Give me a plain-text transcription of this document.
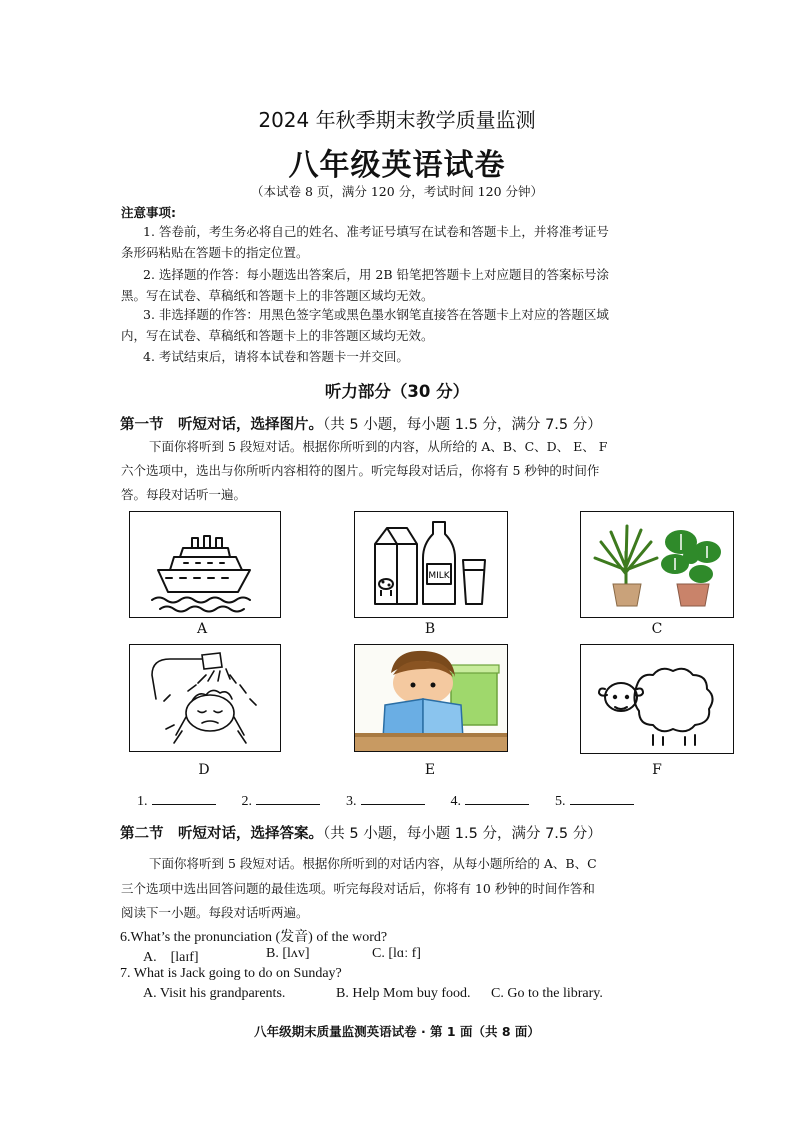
2024 年秋季期末教学质量监测
八年级英语试卷
（本试卷 8 页，满分 120 分，考试时间 120 分钟）
注意事项:
1. 答卷前，考生务必将自己的姓名、准考证号填写在试卷和答题卡上，并将准考证号
条形码粘贴在答题卡的指定位置。
2. 选择题的作答：每小题选出答案后，用 2B 铅笔把答题卡上对应题目的答案标号涂
黑。写在试卷、草稿纸和答题卡上的非答题区域均无效。
3. 非选择题的作答：用黑色签字笔或黑色墨水钢笔直接答在答题卡上对应的答题区域
内，写在试卷、草稿纸和答题卡上的非答题区域均无效。
4. 考试结束后，请将本试卷和答题卡一并交回。
听力部分（30 分）
第一节　听短对话，选择图片。（共 5 小题，每小题 1.5 分，满分 7.5 分）
下面你将听到 5 段短对话。根据你所听到的内容，从所给的 A、B、C、D、 E、 F
六个选项中，选出与你所听内容相符的图片。听完每段对话后，你将有 5 秒钟的时间作
答。每段对话听一遍。
A
MILK
B	C
D	E	F
1.	2.	3.	4.	5.
第二节　听短对话，选择答案。（共 5 小题，每小题 1.5 分，满分 7.5 分）
下面你将听到 5 段短对话。根据你所听到的对话内容，从每小题所给的 A、B、C
三个选项中选出回答问题的最佳选项。听完每段对话后，你将有 10 秒钟的时间作答和
阅读下一小题。每段对话听两遍。
6.What’s the pronunciation (发音) of the word?
A.　[laɪf]	B. [lʌv]	C. [lɑː f]
7. What is Jack going to do on Sunday?
A. Visit his grandparents.	B. Help Mom buy food. C. Go to the library.
八年级期末质量监测英语试卷 · 第 1 面（共 8 面）
